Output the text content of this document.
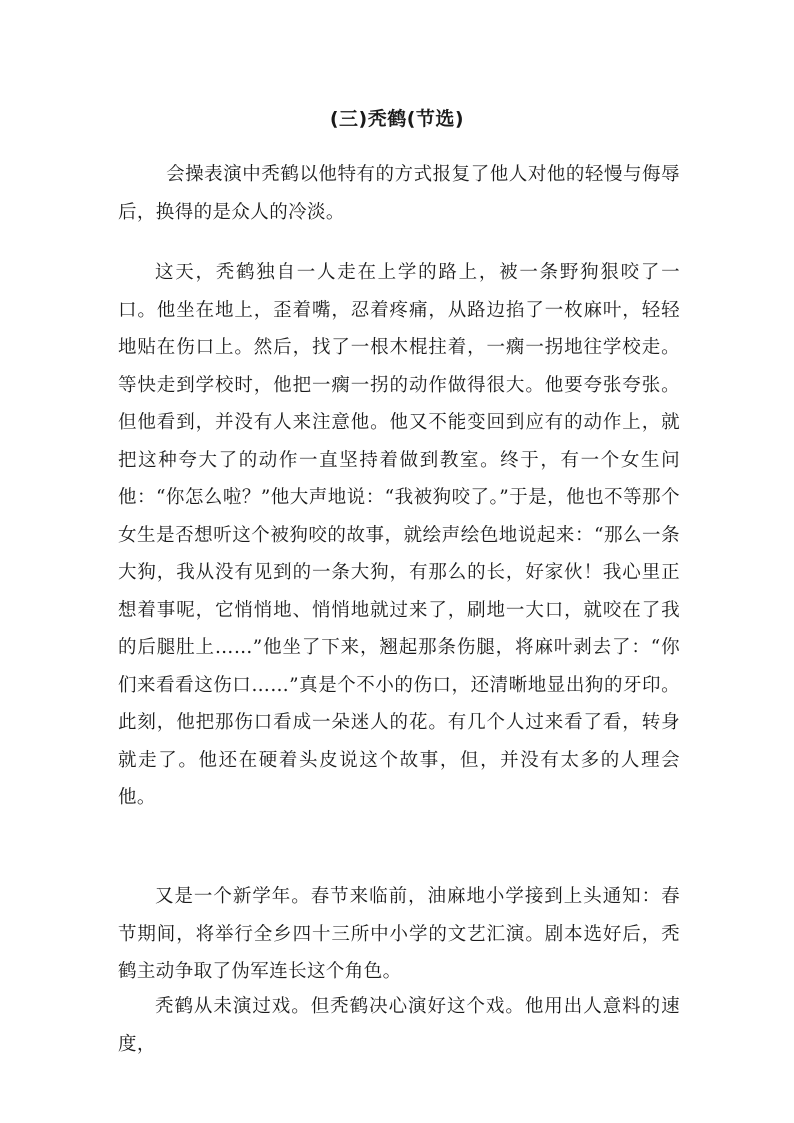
(三)秃鹤(节选)

会操表演中秃鹤以他特有的方式报复了他人对他的轻慢与侮辱后，换得的是众人的冷淡。

这天，秃鹤独自一人走在上学的路上，被一条野狗狠咬了一口。他坐在地上，歪着嘴，忍着疼痛，从路边掐了一枚麻叶，轻轻地贴在伤口上。然后，找了一根木棍拄着，一瘸一拐地往学校走。等快走到学校时，他把一瘸一拐的动作做得很大。他要夸张夸张。但他看到，并没有人来注意他。他又不能变回到应有的动作上，就把这种夸大了的动作一直坚持着做到教室。终于，有一个女生问他：“你怎么啦？”他大声地说：“我被狗咬了。”于是，他也不等那个女生是否想听这个被狗咬的故事，就绘声绘色地说起来：“那么一条大狗，我从没有见到的一条大狗，有那么的长，好家伙！我心里正想着事呢，它悄悄地、悄悄地就过来了，刷地一大口，就咬在了我的后腿肚上……”他坐了下来，翘起那条伤腿，将麻叶剥去了：“你们来看看这伤口……”真是个不小的伤口，还清晰地显出狗的牙印。此刻，他把那伤口看成一朵迷人的花。有几个人过来看了看，转身就走了。他还在硬着头皮说这个故事，但，并没有太多的人理会他。

又是一个新学年。春节来临前，油麻地小学接到上头通知：春节期间，将举行全乡四十三所中小学的文艺汇演。剧本选好后，秃鹤主动争取了伪军连长这个角色。

秃鹤从未演过戏。但秃鹤决心演好这个戏。他用出人意料的速度，
